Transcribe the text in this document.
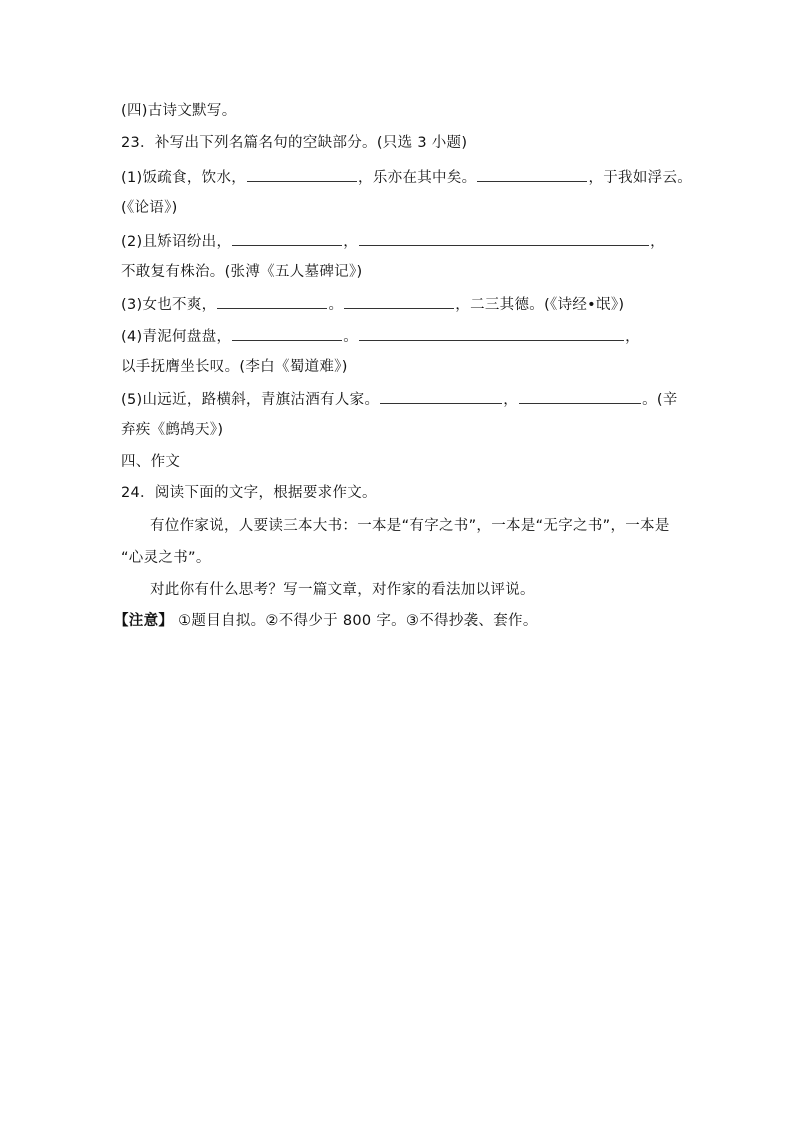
(四)古诗文默写。
23．补写出下列名篇名句的空缺部分。(只选 3 小题)
(1)饭疏食，饮水，	，乐亦在其中矣。	，于我如浮云。
(《论语》)
(2)且矫诏纷出，	，	，
不敢复有株治。(张溥《五人墓碑记》)
(3)女也不爽，	。	，二三其德。(《诗经•氓》)
(4)青泥何盘盘，	。	，
以手抚膺坐长叹。(李白《蜀道难》)
(5)山远近，路横斜，青旗沽酒有人家。	，	。(辛
弃疾《鹧鸪天》)
四、作文
24．阅读下面的文字，根据要求作文。
有位作家说，人要读三本大书：一本是“有字之书”，一本是“无字之书”，一本是
“心灵之书”。
对此你有什么思考？写一篇文章，对作家的看法加以评说。
【注意】 ①题目自拟。②不得少于 800 字。③不得抄袭、套作。
